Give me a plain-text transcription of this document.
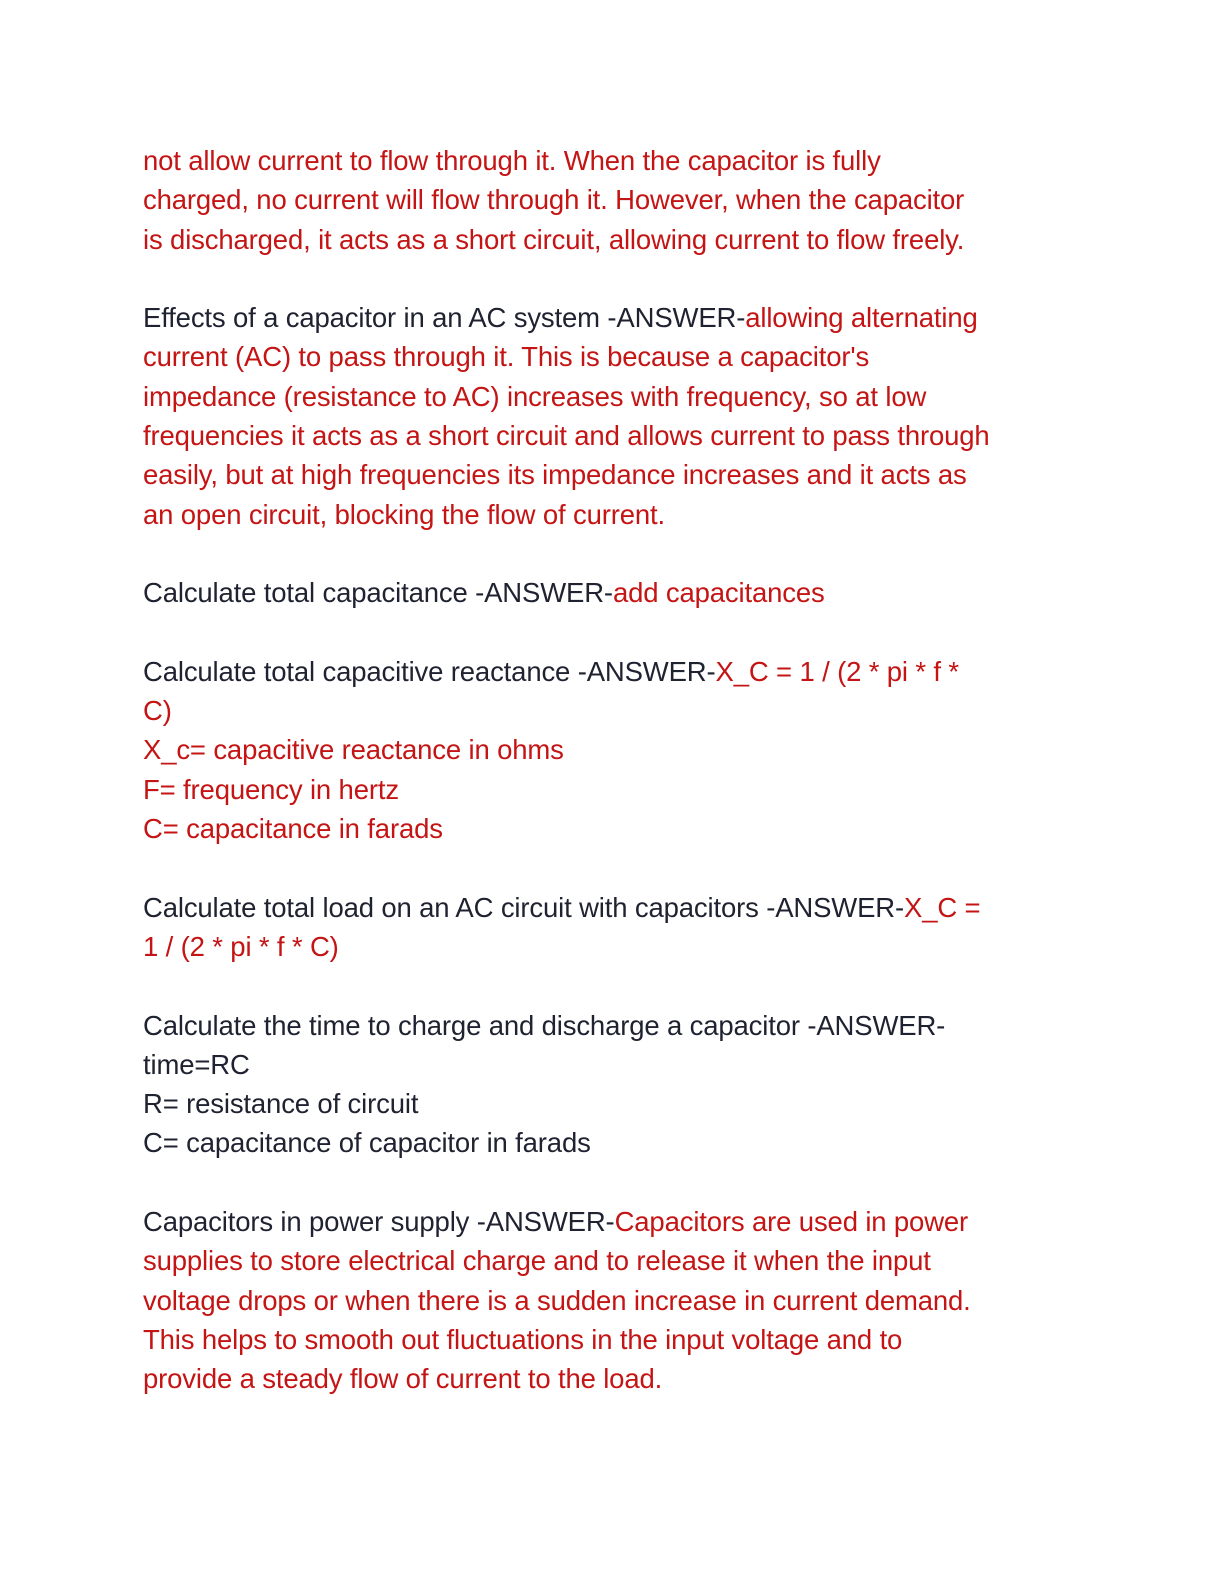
not allow current to flow through it. When the capacitor is fully
charged, no current will flow through it. However, when the capacitor
is discharged, it acts as a short circuit, allowing current to flow freely.
Effects of a capacitor in an AC system -ANSWER-allowing alternating
current (AC) to pass through it. This is because a capacitor's
impedance (resistance to AC) increases with frequency, so at low
frequencies it acts as a short circuit and allows current to pass through
easily, but at high frequencies its impedance increases and it acts as
an open circuit, blocking the flow of current.
Calculate total capacitance -ANSWER-add capacitances
Calculate total capacitive reactance -ANSWER-X_C = 1 / (2 * pi * f *
C)
X_c= capacitive reactance in ohms
F= frequency in hertz
C= capacitance in farads
Calculate total load on an AC circuit with capacitors -ANSWER-X_C =
1 / (2 * pi * f * C)
Calculate the time to charge and discharge a capacitor -ANSWER-
time=RC
R= resistance of circuit
C= capacitance of capacitor in farads
Capacitors in power supply -ANSWER-Capacitors are used in power
supplies to store electrical charge and to release it when the input
voltage drops or when there is a sudden increase in current demand.
This helps to smooth out fluctuations in the input voltage and to
provide a steady flow of current to the load.
